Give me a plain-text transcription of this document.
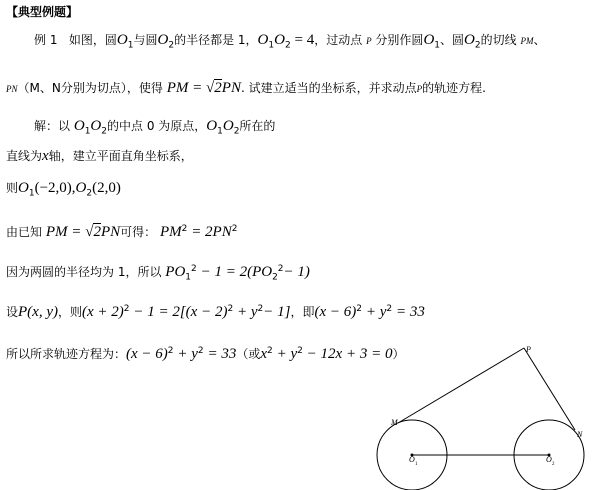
【典型例题】
例 1 如图，圆$O_1$与圆$O_2$的半径都是 1，$O_1O_2 = 4$，过动点 P 分别作圆$O_1$、圆$O_2$的切线 PM、
PN（M、N分别为切点），使得 PM = √2PN. 试建立适当的坐标系，并求动点P的轨迹方程.
解：以 $O_1O_2$的中点 0 为原点，$O_1O_2$所在的
直线为x轴，建立平面直角坐标系，
则$O_1(-2,0),O_2(2,0)$
由已知 PM = √2PN可得： $PM^2 = 2PN^2$
因为两圆的半径均为 1，所以 $PO_1^2 - 1 = 2(PO_2^2- 1)$
设P(x, y)，则$(x + 2)^2 - 1 = 2[(x - 2)^2 + y^2- 1]$，即$(x - 6)^2 + y^2 = 33$
所以所求轨迹方程为：$(x - 6)^2 + y^2 = 33$（或$x^2 + y^2 - 12x + 3 = 0$）	P
M
N
O
1
O
2
